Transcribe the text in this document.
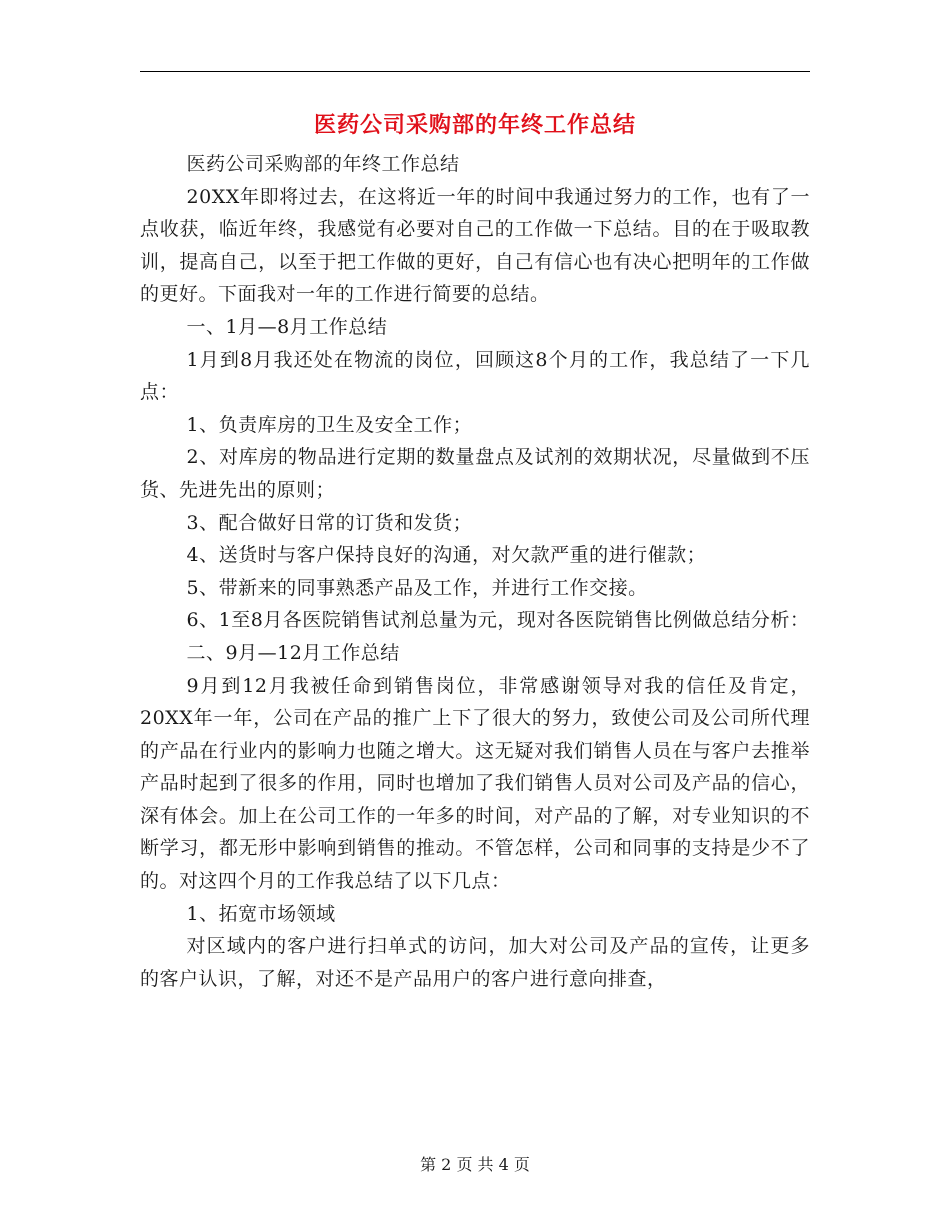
医药公司采购部的年终工作总结

医药公司采购部的年终工作总结

20XX年即将过去，在这将近一年的时间中我通过努力的工作，也有了一点收获，临近年终，我感觉有必要对自己的工作做一下总结。目的在于吸取教训，提高自己，以至于把工作做的更好，自己有信心也有决心把明年的工作做的更好。下面我对一年的工作进行简要的总结。

一、1月—8月工作总结

1月到8月我还处在物流的岗位，回顾这8个月的工作，我总结了一下几点：

1、负责库房的卫生及安全工作；

2、对库房的物品进行定期的数量盘点及试剂的效期状况，尽量做到不压货、先进先出的原则；

3、配合做好日常的订货和发货；

4、送货时与客户保持良好的沟通，对欠款严重的进行催款；

5、带新来的同事熟悉产品及工作，并进行工作交接。

6、1至8月各医院销售试剂总量为元，现对各医院销售比例做总结分析：

二、9月—12月工作总结

9月到12月我被任命到销售岗位，非常感谢领导对我的信任及肯定，20XX年一年，公司在产品的推广上下了很大的努力，致使公司及公司所代理的产品在行业内的影响力也随之增大。这无疑对我们销售人员在与客户去推举产品时起到了很多的作用，同时也增加了我们销售人员对公司及产品的信心，深有体会。加上在公司工作的一年多的时间，对产品的了解，对专业知识的不断学习，都无形中影响到销售的推动。不管怎样，公司和同事的支持是少不了的。对这四个月的工作我总结了以下几点：

1、拓宽市场领域

对区域内的客户进行扫单式的访问，加大对公司及产品的宣传，让更多的客户认识，了解，对还不是产品用户的客户进行意向排查，

第 2 页 共 4 页
